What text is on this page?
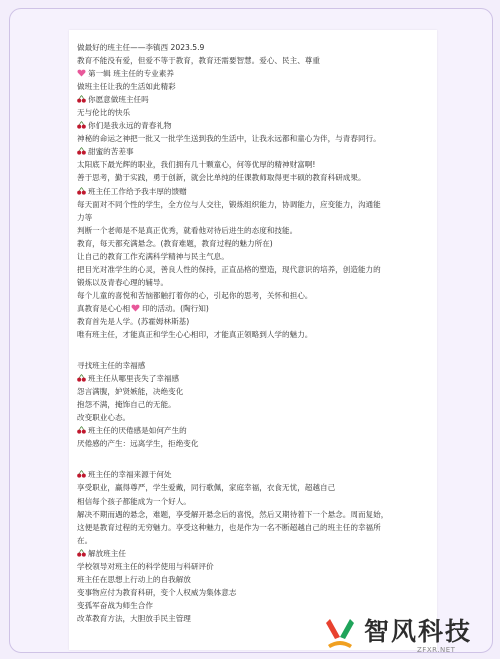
做最好的班主任——李镇西 2023.5.9
教育不能没有爱，但爱不等于教育，教育还需要智慧。爱心、民主、尊重
第一辑 班主任的专业素养
做班主任让我的生活如此精彩
你愿意做班主任吗
无与伦比的快乐
你们是我永远的青春礼物
神秘的命运之神把一批又一批学生送到我的生活中，让我永远都和童心为伴，与青春同行。
甜蜜的苦差事
太阳底下最光辉的职业，我们拥有几十颗童心，何等优厚的精神财富啊!
善于思考，勤于实践，勇于创新，就会比单纯的任课教师取得更丰硕的教育科研成果。
班主任工作给予我丰厚的馈赠
每天面对不同个性的学生，全方位与人交往，锻炼组织能力，协调能力，应变能力，沟通能
力等
判断一个老师是不是真正优秀，就看他对待后进生的态度和技能。
教育，每天都充满悬念。(教育难题，教育过程的魅力所在)
让自己的教育工作充满科学精神与民主气息。
把目光对准学生的心灵，善良人性的保持，正直品格的塑造，现代意识的培养，创造能力的
锻炼以及青春心理的辅导。
每个儿童的喜悦和苦恼都触打着你的心，引起你的思考，关怀和担心。
真教育是心心相 印的活动。(陶行知)
教育首先是人学。(苏霍姆林斯基)
唯有班主任，才能真正和学生心心相印，才能真正领略到人学的魅力。
寻找班主任的幸福感
班主任从哪里丧失了幸福感
怨言满腹，妒贤嫉能，决绝变化
抱怨不满，掩饰自己的无能。
改变职业心态。
班主任的厌倦感是如何产生的
厌倦感的产生：远离学生，拒绝变化
班主任的幸福来源于何处
享受职业，赢得尊严，学生爱戴，同行歌佩，家庭幸福，衣食无忧，超越自己
相信每个孩子都能成为一个好人。
解决不期而遇的悬念，难题，享受解开悬念后的喜悦，然后又期待着下一个悬念。周而复始，
这便是教育过程的无穷魅力。享受这种魅力，也是作为一名不断超越自己的班主任的幸福所
在。
解放班主任
学校领导对班主任的科学使用与科研评价
班主任在思想上行动上的自我解放
变事物应付为教育科研，变个人权威为集体意志
变孤军奋战为师生合作
改革教育方法，大胆放手民主管理	智风科技
ZFXR.NET
